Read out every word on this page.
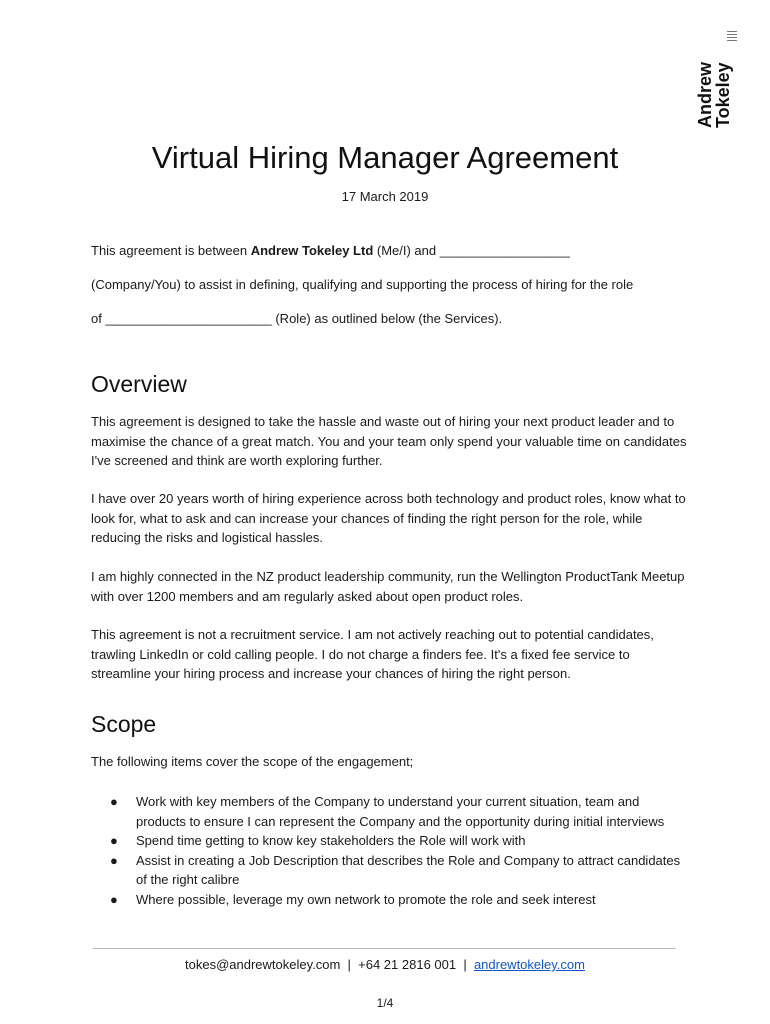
Andrew
Tokeley
Virtual Hiring Manager Agreement
17 March 2019
This agreement is between Andrew Tokeley Ltd (Me/I) and __________________
(Company/You) to assist in defining, qualifying and supporting the process of hiring for the role
of _______________________ (Role) as outlined below (the Services).
Overview

This agreement is designed to take the hassle and waste out of hiring your next product leader and to maximise the chance of a great match. You and your team only spend your valuable time on candidates I've screened and think are worth exploring further.

I have over 20 years worth of hiring experience across both technology and product roles, know what to look for, what to ask and can increase your chances of finding the right person for the role, while reducing the risks and logistical hassles.

I am highly connected in the NZ product leadership community, run the Wellington ProductTank Meetup with over 1200 members and am regularly asked about open product roles.

This agreement is not a recruitment service. I am not actively reaching out to potential candidates, trawling LinkedIn or cold calling people. I do not charge a finders fee. It's a fixed fee service to streamline your hiring process and increase your chances of hiring the right person.

Scope

The following items cover the scope of the engagement;

● Work with key members of the Company to understand your current situation, team and products to ensure I can represent the Company and the opportunity during initial interviews
● Spend time getting to know key stakeholders the Role will work with
● Assist in creating a Job Description that describes the Role and Company to attract candidates of the right calibre
● Where possible, leverage my own network to promote the role and seek interest
tokes@andrewtokeley.com  |  +64 21 2816 001  |  andrewtokeley.com
1/4
